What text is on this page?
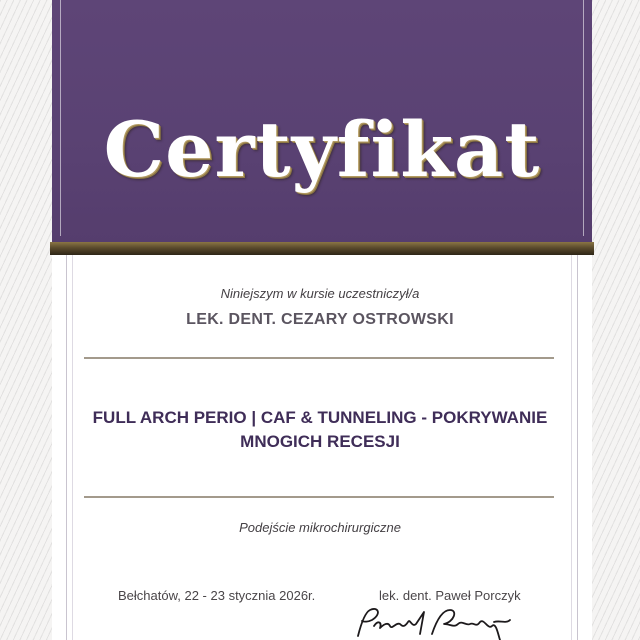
Certyfikat
Niniejszym w kursie uczestniczył/a
LEK. DENT. CEZARY OSTROWSKI
FULL ARCH PERIO | CAF & TUNNELING - POKRYWANIE
MNOGICH RECESJI
Podejście mikrochirurgiczne
Bełchatów, 22 - 23 stycznia 2026r.	lek. dent. Paweł Porczyk
